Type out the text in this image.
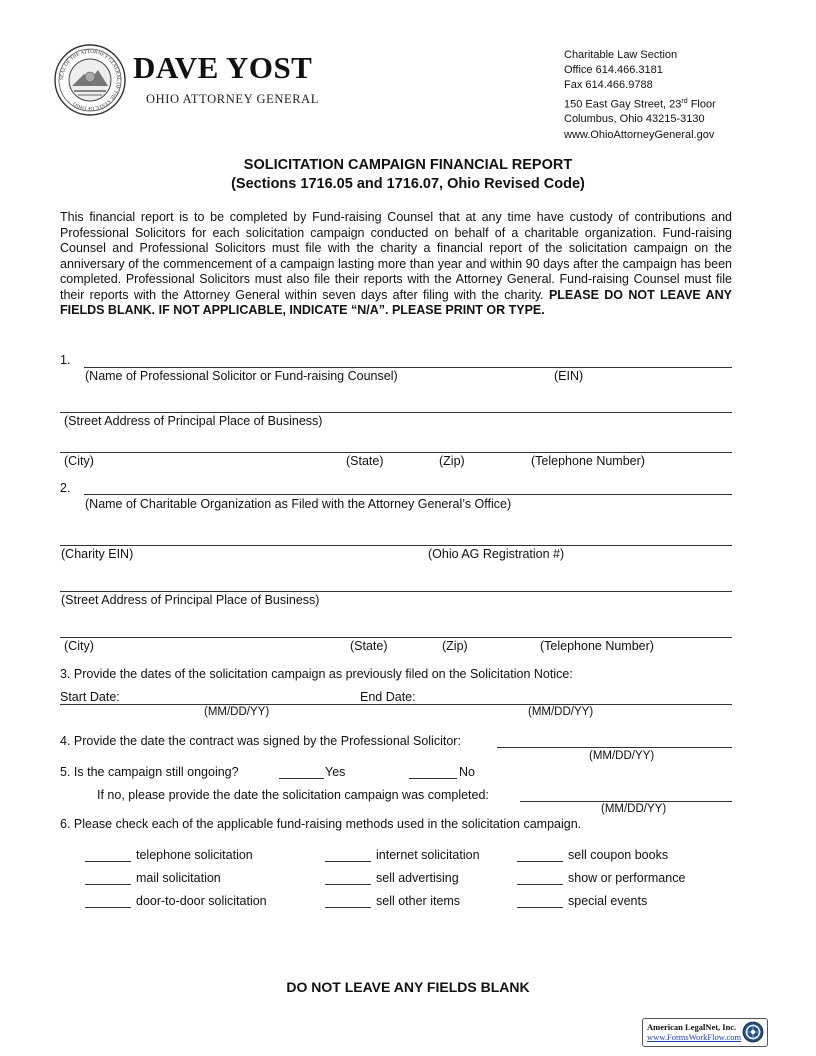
SEAL OF THE ATTORNEY GENERAL OF THE STATE OF OHIO
DAVE YOST
OHIO ATTORNEY GENERAL
Charitable Law Section
Office 614.466.3181
Fax 614.466.9788
150 East Gay Street, 23rd Floor
Columbus, Ohio 43215-3130
www.OhioAttorneyGeneral.gov
SOLICITATION CAMPAIGN FINANCIAL REPORT
(Sections 1716.05 and 1716.07, Ohio Revised Code)
This financial report is to be completed by Fund-raising Counsel that at any time have custody of contributions and Professional Solicitors for each solicitation campaign conducted on behalf of a charitable organization. Fund-raising Counsel and Professional Solicitors must file with the charity a financial report of the solicitation campaign on the anniversary of the commencement of a campaign lasting more than year and within 90 days after the campaign has been completed. Professional Solicitors must also file their reports with the Attorney General. Fund-raising Counsel must file their reports with the Attorney General within seven days after filing with the charity. PLEASE DO NOT LEAVE ANY FIELDS BLANK. IF NOT APPLICABLE, INDICATE “N/A”. PLEASE PRINT OR TYPE.
1.
(Name of Professional Solicitor or Fund-raising Counsel)	(EIN)
(Street Address of Principal Place of Business)
(City)	(State)	(Zip)	(Telephone Number)
2.
(Name of Charitable Organization as Filed with the Attorney General’s Office)
(Charity EIN)	(Ohio AG Registration #)
(Street Address of Principal Place of Business)
(City)	(State)	(Zip)	(Telephone Number)
3. Provide the dates of the solicitation campaign as previously filed on the Solicitation Notice:
Start Date:	End Date:
(MM/DD/YY)	(MM/DD/YY)
4. Provide the date the contract was signed by the Professional Solicitor:
(MM/DD/YY)
5. Is the campaign still ongoing?	Yes	No
If no, please provide the date the solicitation campaign was completed:
(MM/DD/YY)
6. Please check each of the applicable fund-raising methods used in the solicitation campaign.
telephone solicitation	internet solicitation	sell coupon books
mail solicitation	sell advertising	show or performance
door-to-door solicitation	sell other items	special events
DO NOT LEAVE ANY FIELDS BLANK
American LegalNet, Inc.
www.FormsWorkFlow.com
